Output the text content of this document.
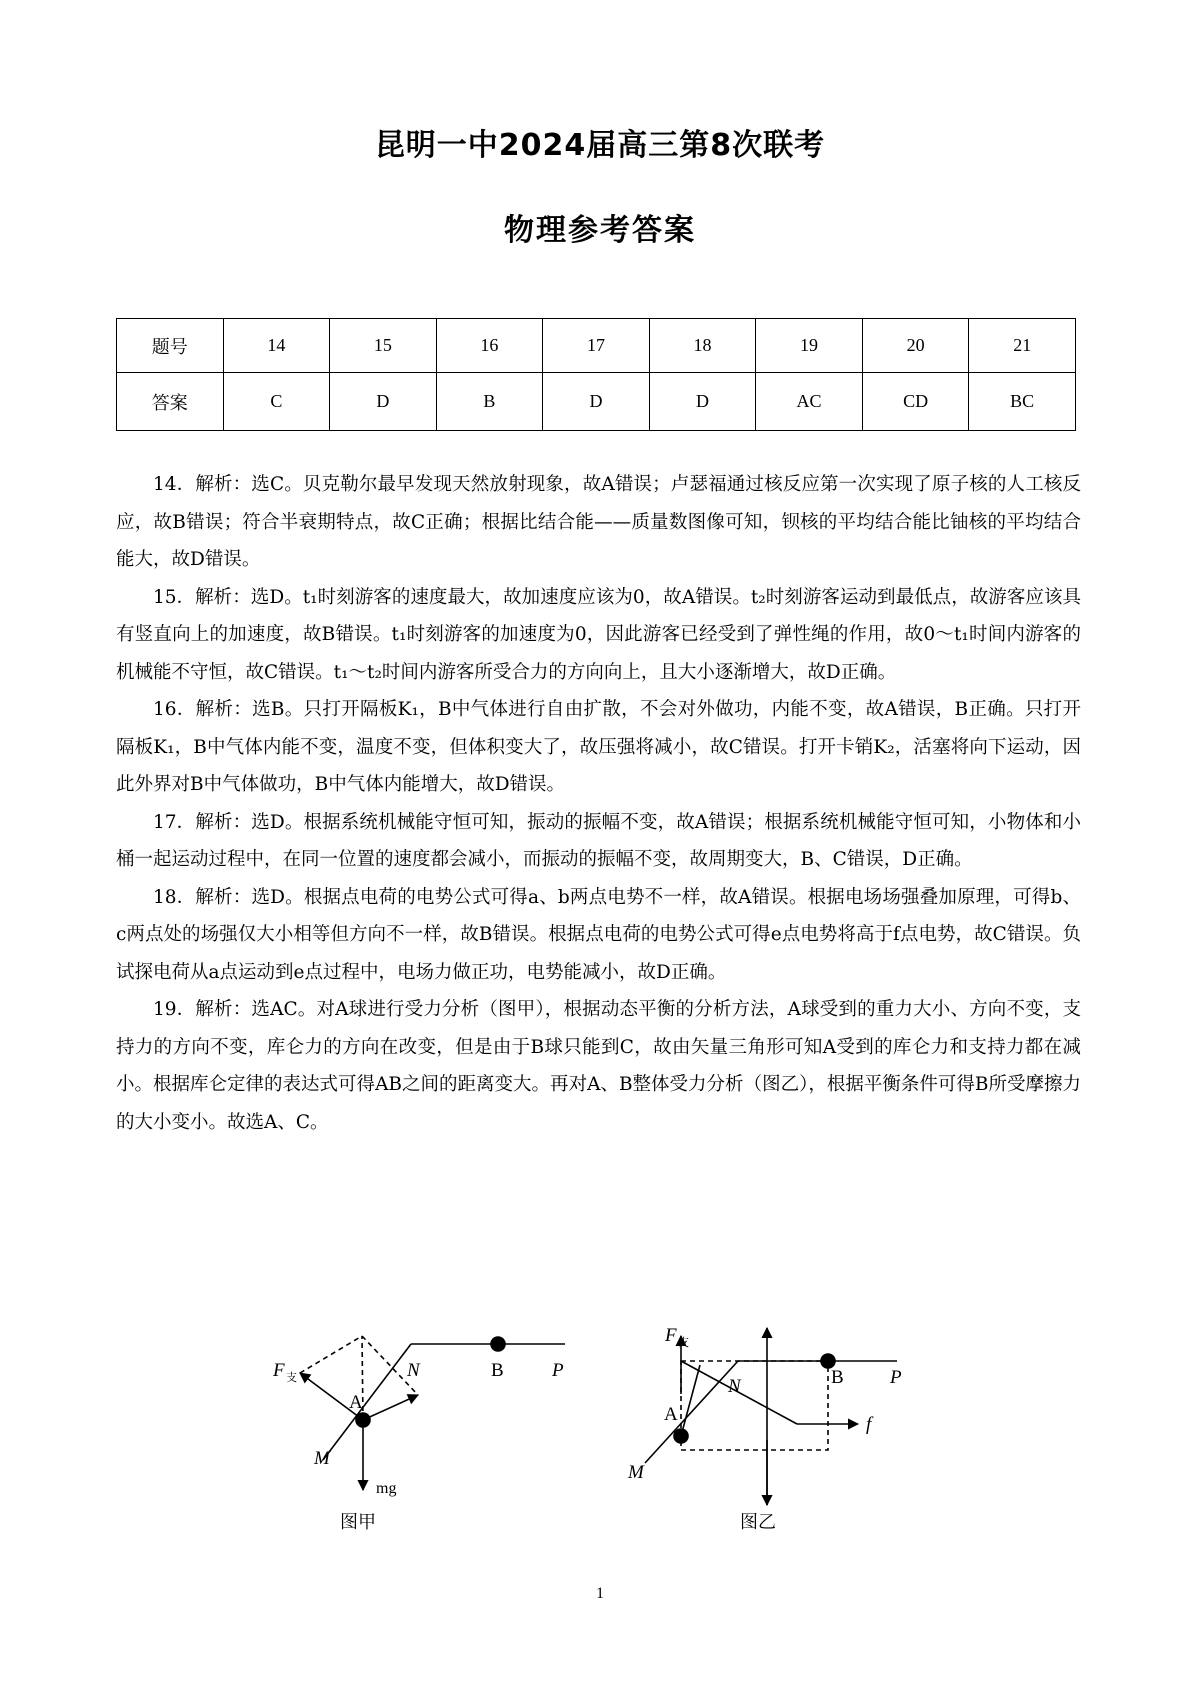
昆明一中2024届高三第8次联考
物理参考答案
题号	14	15	16	17	18	19	20	21
答案	C	D	B	D	D	AC	CD	BC

14．解析：选C。贝克勒尔最早发现天然放射现象，故A错误；卢瑟福通过核反应第一次实现了原子核的人工核反应，故B错误；符合半衰期特点，故C正确；根据比结合能——质量数图像可知，钡核的平均结合能比铀核的平均结合能大，故D错误。

15．解析：选D。t₁时刻游客的速度最大，故加速度应该为0，故A错误。t₂时刻游客运动到最低点，故游客应该具有竖直向上的加速度，故B错误。t₁时刻游客的加速度为0，因此游客已经受到了弹性绳的作用，故0～t₁时间内游客的机械能不守恒，故C错误。t₁～t₂时间内游客所受合力的方向向上，且大小逐渐增大，故D正确。

16．解析：选B。只打开隔板K₁，B中气体进行自由扩散，不会对外做功，内能不变，故A错误，B正确。只打开隔板K₁，B中气体内能不变，温度不变，但体积变大了，故压强将减小，故C错误。打开卡销K₂，活塞将向下运动，因此外界对B中气体做功，B中气体内能增大，故D错误。

17．解析：选D。根据系统机械能守恒可知，振动的振幅不变，故A错误；根据系统机械能守恒可知，小物体和小桶一起运动过程中，在同一位置的速度都会减小，而振动的振幅不变，故周期变大，B、C错误，D正确。

18．解析：选D。根据点电荷的电势公式可得a、b两点电势不一样，故A错误。根据电场场强叠加原理，可得b、c两点处的场强仅大小相等但方向不一样，故B错误。根据点电荷的电势公式可得e点电势将高于f点电势，故C错误。负试探电荷从a点运动到e点过程中，电场力做正功，电势能减小，故D正确。

19．解析：选AC。对A球进行受力分析（图甲），根据动态平衡的分析方法，A球受到的重力大小、方向不变，支持力的方向不变，库仑力的方向在改变，但是由于B球只能到C，故由矢量三角形可知A受到的库仑力和支持力都在减小。根据库仑定律的表达式可得AB之间的距离变大。再对A、B整体受力分析（图乙），根据平衡条件可得B所受摩擦力的大小变小。故选A、C。

F 支	N
A
B	P
M
mg
图甲
F 支
N
A
B P
M
f
图乙
1
